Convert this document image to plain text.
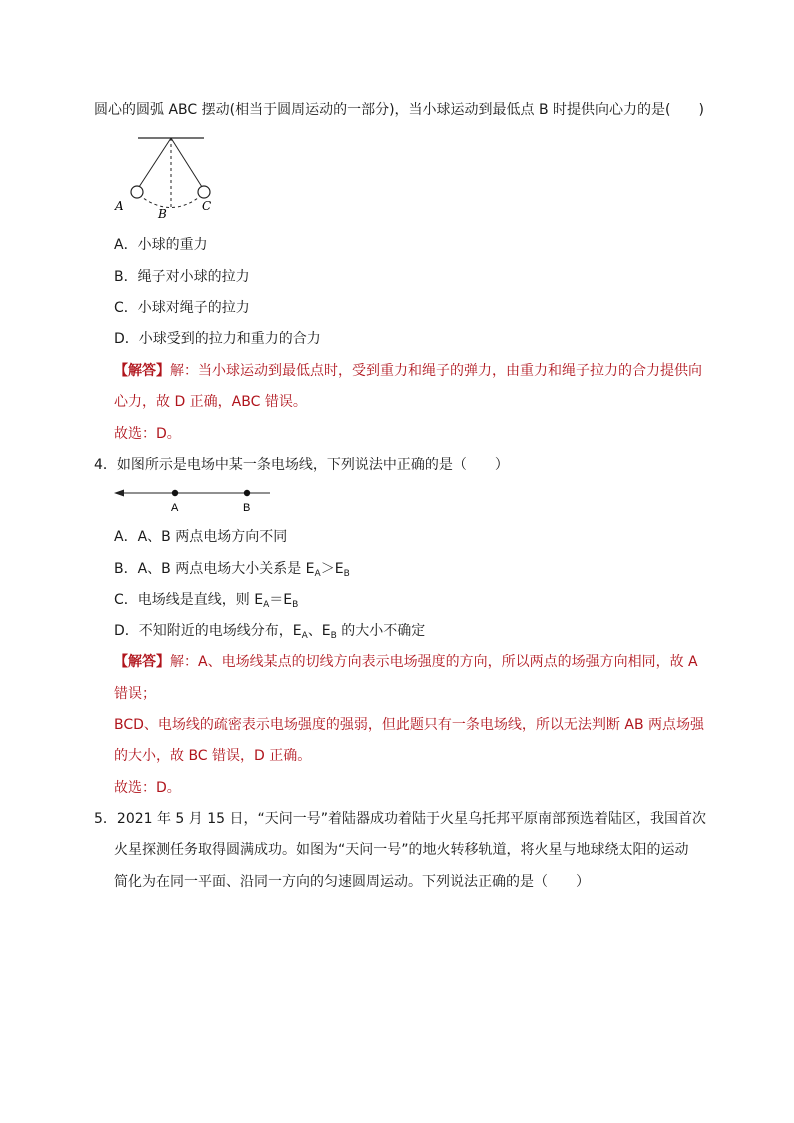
圆心的圆弧 ABC 摆动(相当于圆周运动的一部分)，当小球运动到最低点 B 时提供向心力的是(　　)
A
B
C
A．小球的重力
B．绳子对小球的拉力
C．小球对绳子的拉力
D．小球受到的拉力和重力的合力
【解答】解：当小球运动到最低点时，受到重力和绳子的弹力，由重力和绳子拉力的合力提供向
心力，故 D 正确，ABC 错误。
故选：D。
4．如图所示是电场中某一条电场线，下列说法中正确的是（　　）
A	B
A．A、B 两点电场方向不同
B．A、B 两点电场大小关系是 $E_A>E_B$
C．电场线是直线，则 $E_A=E_B$
D．不知附近的电场线分布，$E_A$、$E_B$ 的大小不确定
【解答】解：A、电场线某点的切线方向表示电场强度的方向，所以两点的场强方向相同，故 A
错误；
BCD、电场线的疏密表示电场强度的强弱，但此题只有一条电场线，所以无法判断 AB 两点场强
的大小，故 BC 错误，D 正确。
故选：D。
5．2021 年 5 月 15 日，“天问一号”着陆器成功着陆于火星乌托邦平原南部预选着陆区，我国首次
火星探测任务取得圆满成功。如图为“天问一号”的地火转移轨道，将火星与地球绕太阳的运动
简化为在同一平面、沿同一方向的匀速圆周运动。下列说法正确的是（　　）
